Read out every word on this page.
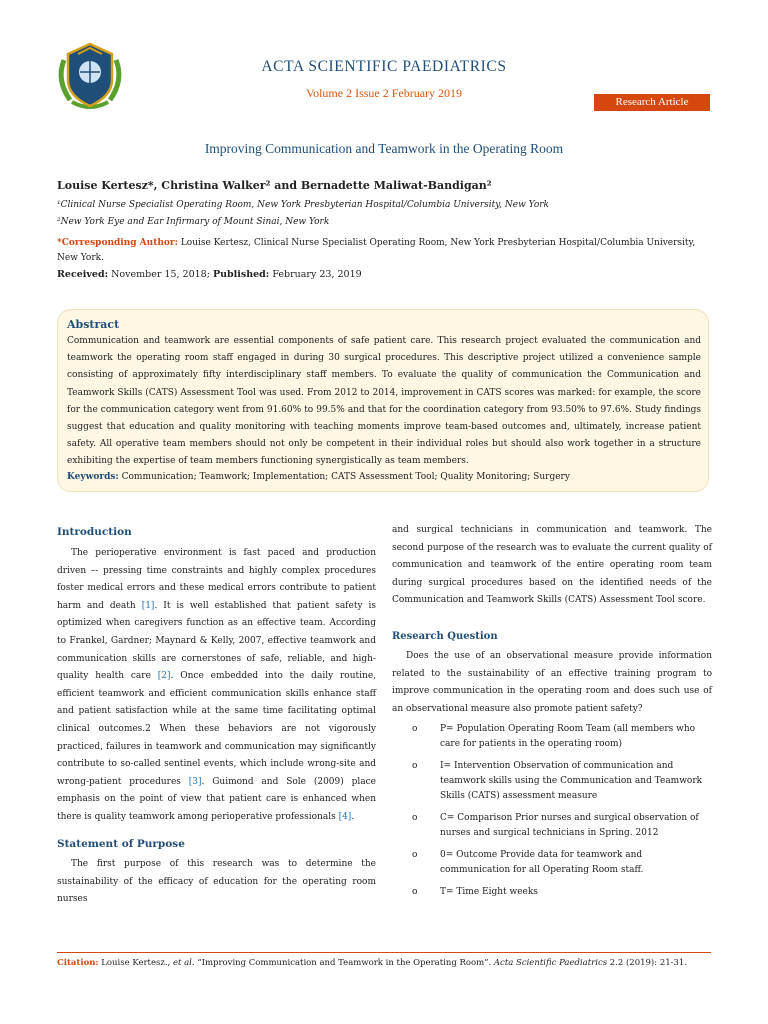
ACTA SCIENTIFIC PAEDIATRICS
Volume 2 Issue 2 February 2019
Research Article
Improving Communication and Teamwork in the Operating Room
Louise Kertesz*, Christina Walker² and Bernadette Maliwat-Bandigan²
¹Clinical Nurse Specialist Operating Room, New York Presbyterian Hospital/Columbia University, New York
²New York Eye and Ear Infirmary of Mount Sinai, New York
*Corresponding Author: Louise Kertesz, Clinical Nurse Specialist Operating Room, New York Presbyterian Hospital/Columbia University, New York.
Received: November 15, 2018; Published: February 23, 2019
Abstract
Communication and teamwork are essential components of safe patient care. This research project evaluated the communication and teamwork the operating room staff engaged in during 30 surgical procedures. This descriptive project utilized a convenience sample consisting of approximately fifty interdisciplinary staff members. To evaluate the quality of communication the Communication and Teamwork Skills (CATS) Assessment Tool was used. From 2012 to 2014, improvement in CATS scores was marked: for example, the score for the communication category went from 91.60% to 99.5% and that for the coordination category from 93.50% to 97.6%. Study findings suggest that education and quality monitoring with teaching moments improve team-based outcomes and, ultimately, increase patient safety. All operative team members should not only be competent in their individual roles but should also work together in a structure exhibiting the expertise of team members functioning synergistically as team members.
Keywords: Communication; Teamwork; Implementation; CATS Assessment Tool; Quality Monitoring; Surgery
Introduction
The perioperative environment is fast paced and production driven –- pressing time constraints and highly complex procedures foster medical errors and these medical errors contribute to patient harm and death [1]. It is well established that patient safety is optimized when caregivers function as an effective team. According to Frankel, Gardner; Maynard & Kelly, 2007, effective teamwork and communication skills are cornerstones of safe, reliable, and high-quality health care [2]. Once embedded into the daily routine, efficient teamwork and efficient communication skills enhance staff and patient satisfaction while at the same time facilitating optimal clinical outcomes.2 When these behaviors are not vigorously practiced, failures in teamwork and communication may significantly contribute to so-called sentinel events, which include wrong-site and wrong-patient procedures [3]. Guimond and Sole (2009) place emphasis on the point of view that patient care is enhanced when there is quality teamwork among perioperative professionals [4].
Statement of Purpose
The first purpose of this research was to determine the sustainability of the efficacy of education for the operating room nurses
and surgical technicians in communication and teamwork. The second purpose of the research was to evaluate the current quality of communication and teamwork of the entire operating room team during surgical procedures based on the identified needs of the Communication and Teamwork Skills (CATS) Assessment Tool score.
Research Question
Does the use of an observational measure provide information related to the sustainability of an effective training program to improve communication in the operating room and does such use of an observational measure also promote patient safety?
o	P= Population Operating Room Team (all members who care for patients in the operating room)
o	I= Intervention Observation of communication and teamwork skills using the Communication and Teamwork Skills (CATS) assessment measure
o	C= Comparison Prior nurses and surgical observation of nurses and surgical technicians in Spring. 2012
o	0= Outcome Provide data for teamwork and communication for all Operating Room staff.
o	T= Time Eight weeks
Citation: Louise Kertesz., et al. “Improving Communication and Teamwork in the Operating Room”. Acta Scientific Paediatrics 2.2 (2019): 21-31.
